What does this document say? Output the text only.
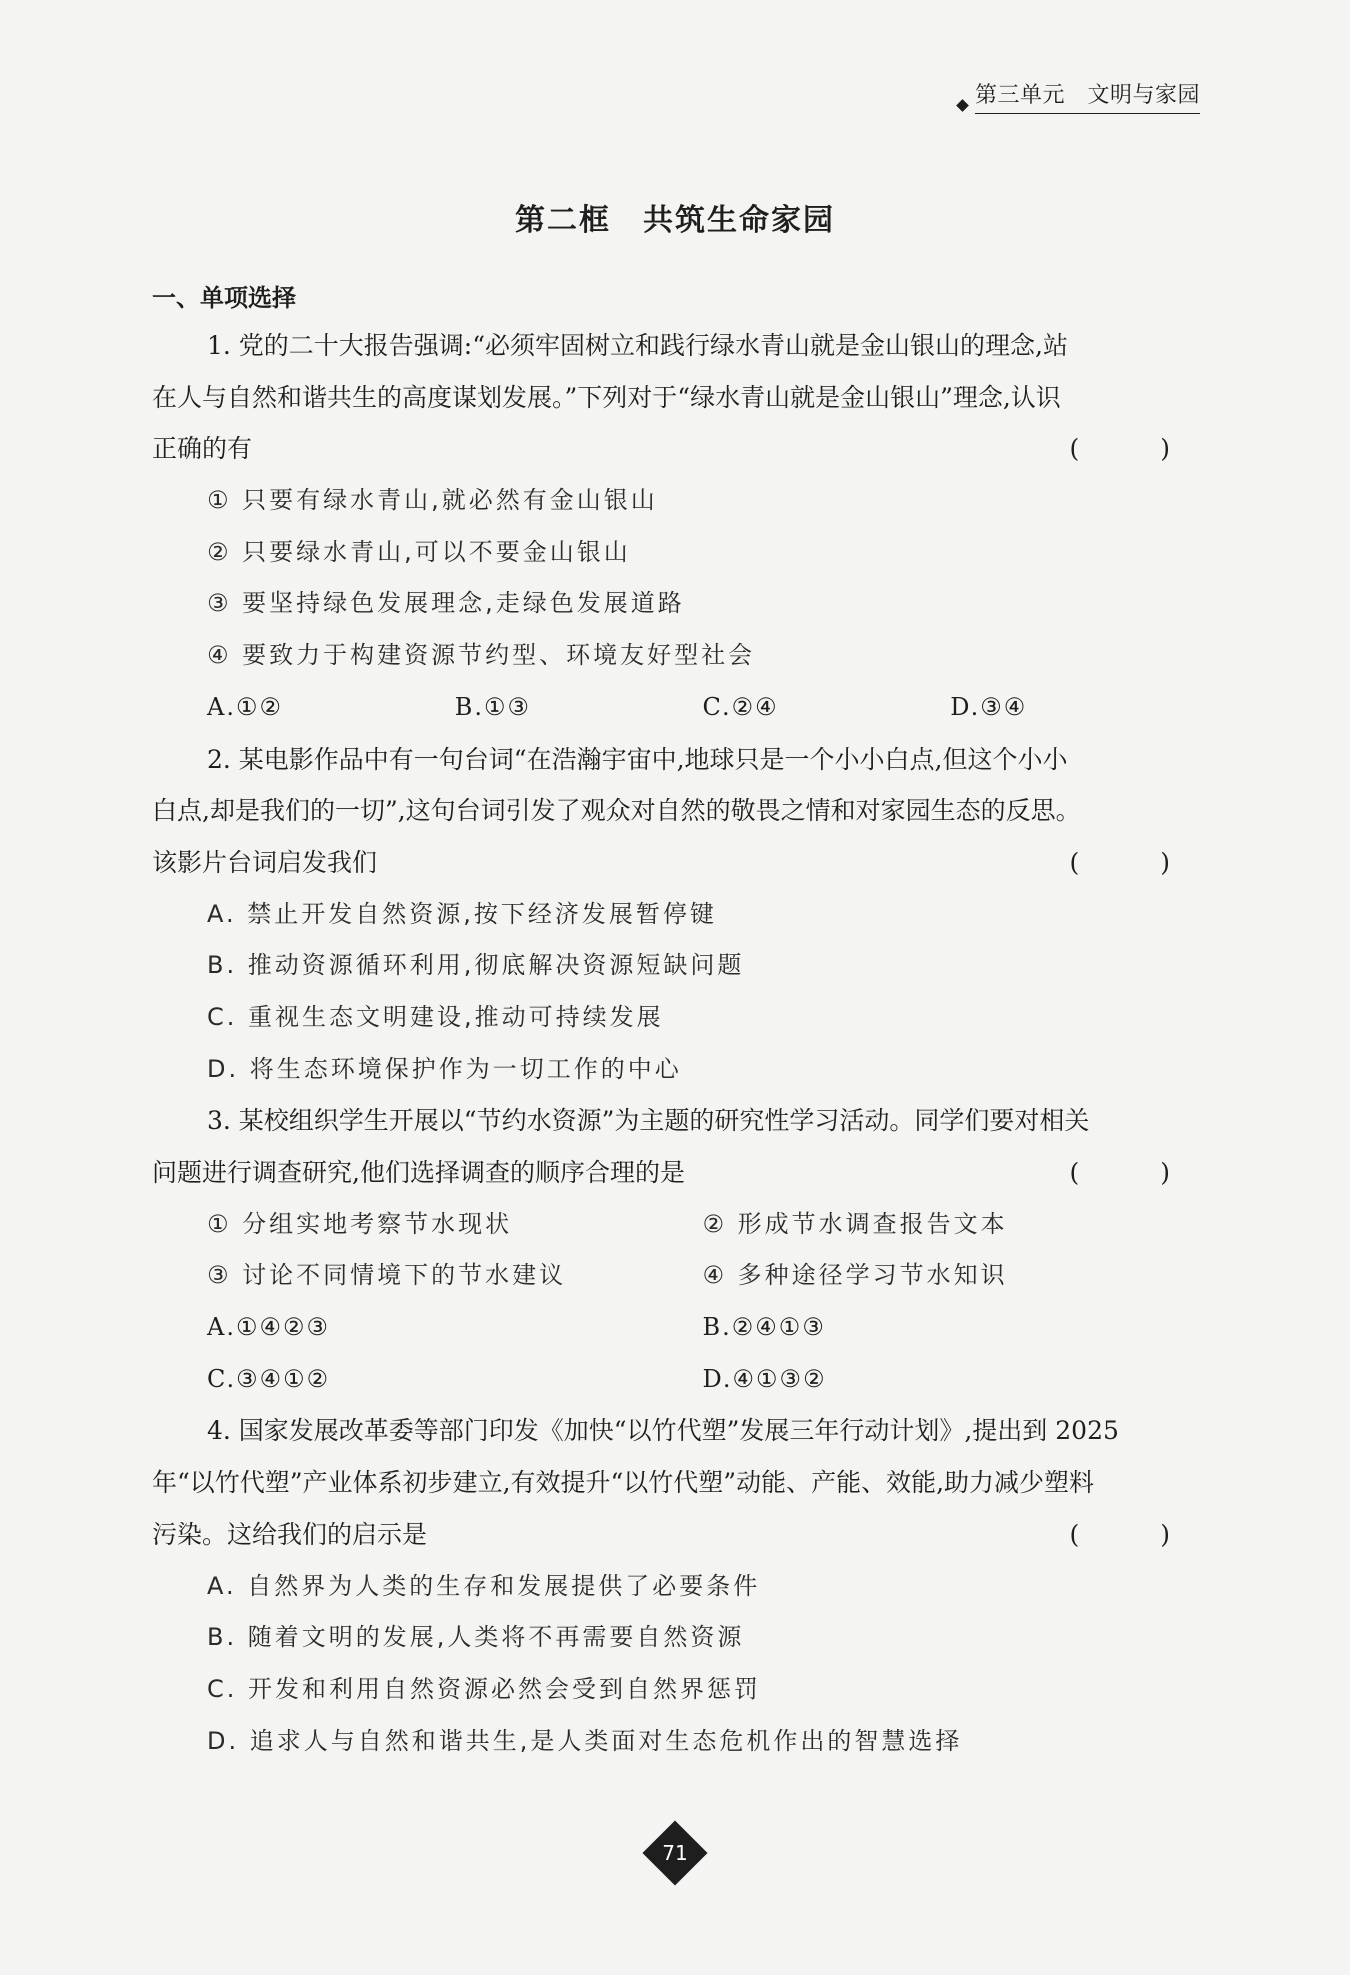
第三单元　文明与家园
第二框　共筑生命家园
一、单项选择
1. 党的二十大报告强调:“必须牢固树立和践行绿水青山就是金山银山的理念,站
在人与自然和谐共生的高度谋划发展。”下列对于“绿水青山就是金山银山”理念,认识
正确的有	(　)
① 只要有绿水青山,就必然有金山银山
② 只要绿水青山,可以不要金山银山
③ 要坚持绿色发展理念,走绿色发展道路
④ 要致力于构建资源节约型、环境友好型社会
A.①②	B.①③	C.②④	D.③④
2. 某电影作品中有一句台词“在浩瀚宇宙中,地球只是一个小小白点,但这个小小
白点,却是我们的一切”,这句台词引发了观众对自然的敬畏之情和对家园生态的反思。
该影片台词启发我们	(　)
A. 禁止开发自然资源,按下经济发展暂停键
B. 推动资源循环利用,彻底解决资源短缺问题
C. 重视生态文明建设,推动可持续发展
D. 将生态环境保护作为一切工作的中心
3. 某校组织学生开展以“节约水资源”为主题的研究性学习活动。同学们要对相关
问题进行调查研究,他们选择调查的顺序合理的是	(　)
① 分组实地考察节水现状	② 形成节水调查报告文本
③ 讨论不同情境下的节水建议	④ 多种途径学习节水知识
A.①④②③	B.②④①③
C.③④①②	D.④①③②
4. 国家发展改革委等部门印发《加快“以竹代塑”发展三年行动计划》,提出到 2025
年“以竹代塑”产业体系初步建立,有效提升“以竹代塑”动能、产能、效能,助力减少塑料
污染。这给我们的启示是	(　)
A. 自然界为人类的生存和发展提供了必要条件
B. 随着文明的发展,人类将不再需要自然资源
C. 开发和利用自然资源必然会受到自然界惩罚
D. 追求人与自然和谐共生,是人类面对生态危机作出的智慧选择
71
